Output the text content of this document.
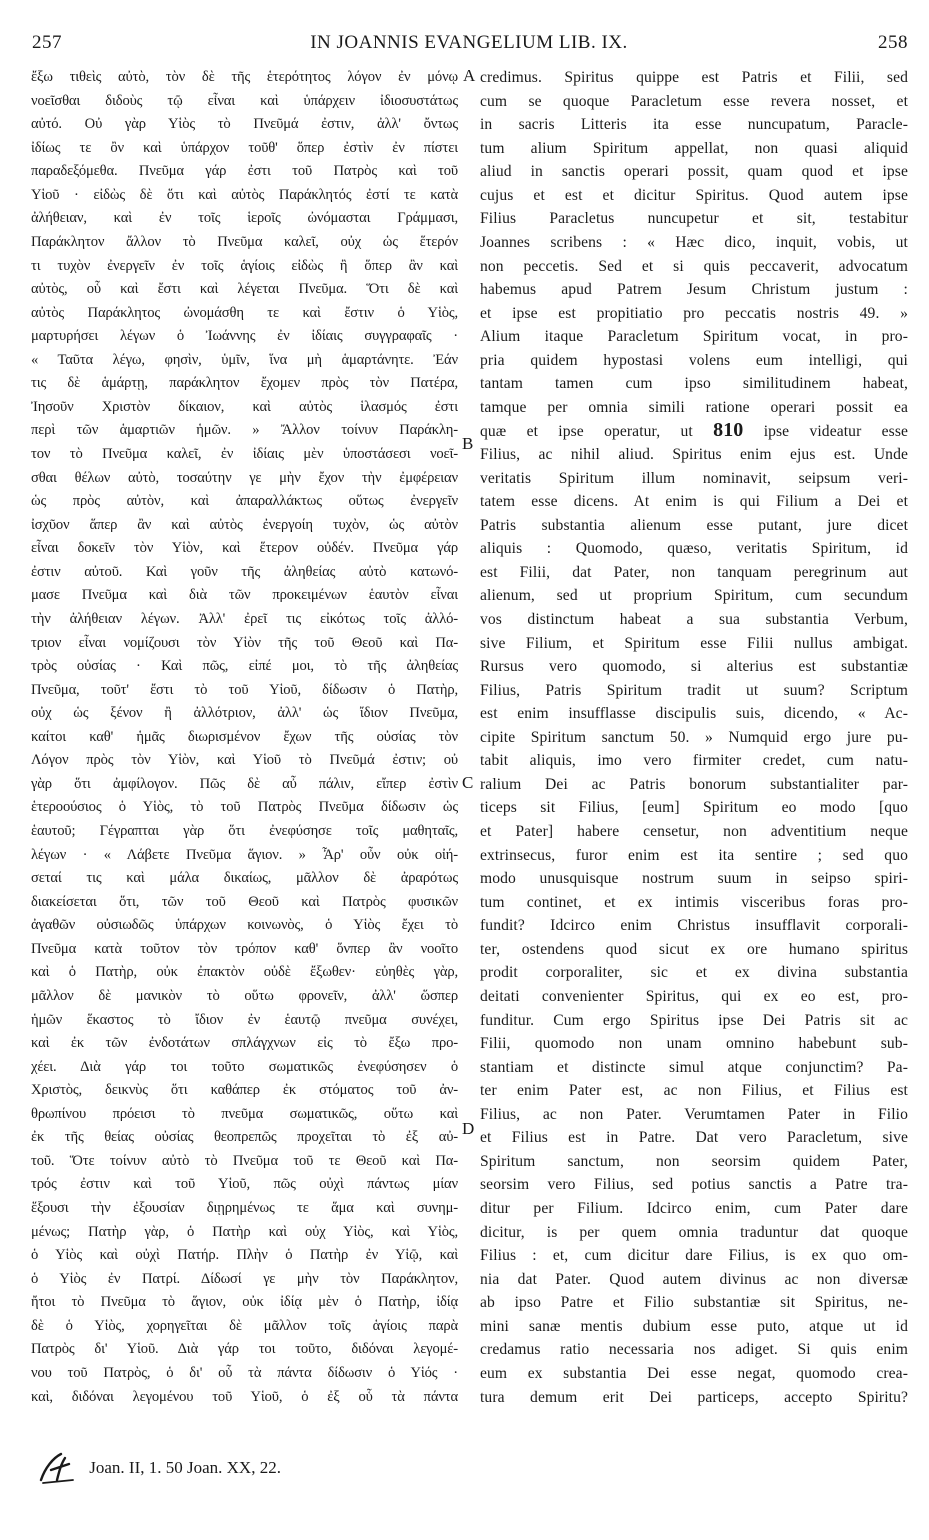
257	IN JOANNIS EVANGELIUM LIB. IX.	258
ἔξω τιθεὶς αὐτὸ, τὸν δὲ τῆς ἑτερότητος λόγον ἐν μόνῳ
νοεῖσθαι διδοὺς τῷ εἶναι καὶ ὑπάρχειν ἰδιοσυστάτως
αὐτό. Οὐ γὰρ Υἱὸς τὸ Πνεῦμά ἐστιν, ἀλλ' ὄντως
ἰδίως τε ὂν καὶ ὑπάρχον τοῦθ' ὅπερ ἐστὶν ἐν πίστει
παραδεξόμεθα. Πνεῦμα γάρ ἐστι τοῦ Πατρὸς καὶ τοῦ
Υἱοῦ · εἰδὼς δὲ ὅτι καὶ αὐτὸς Παράκλητός ἐστί τε κατὰ
ἀλήθειαν, καὶ ἐν τοῖς ἱεροῖς ὠνόμασται Γράμμασι,
Παράκλητον ἄλλον τὸ Πνεῦμα καλεῖ, οὐχ ὡς ἕτερόν
τι τυχὸν ἐνεργεῖν ἐν τοῖς ἁγίοις εἰδὼς ἢ ὅπερ ἂν καὶ
αὐτὸς, οὗ καὶ ἔστι καὶ λέγεται Πνεῦμα. Ὅτι δὲ καὶ
αὐτὸς Παράκλητος ὠνομάσθη τε καὶ ἔστιν ὁ Υἱὸς,
μαρτυρήσει λέγων ὁ Ἰωάννης ἐν ἰδίαις συγγραφαῖς ·
« Ταῦτα λέγω, φησὶν, ὑμῖν, ἵνα μὴ ἁμαρτάνητε. Ἐάν
τις δὲ ἁμάρτῃ, παράκλητον ἔχομεν πρὸς τὸν Πατέρα,
Ἰησοῦν Χριστὸν δίκαιον, καὶ αὐτὸς ἱλασμός ἐστι
περὶ τῶν ἁμαρτιῶν ἡμῶν. » Ἄλλον τοίνυν Παράκλη-
τον τὸ Πνεῦμα καλεῖ, ἐν ἰδίαις μὲν ὑποστάσεσι νοεῖ-
σθαι θέλων αὐτὸ, τοσαύτην γε μὴν ἔχον τὴν ἐμφέρειαν
ὡς πρὸς αὐτὸν, καὶ ἀπαραλλάκτως οὕτως ἐνεργεῖν
ἰσχῦον ἅπερ ἂν καὶ αὐτὸς ἐνεργοίη τυχὸν, ὡς αὐτὸν
εἶναι δοκεῖν τὸν Υἱὸν, καὶ ἕτερον οὐδέν. Πνεῦμα γάρ
ἐστιν αὐτοῦ. Καὶ γοῦν τῆς ἀληθείας αὐτὸ κατωνό-
μασε Πνεῦμα καὶ διὰ τῶν προκειμένων ἑαυτὸν εἶναι
τὴν ἀλήθειαν λέγων. Ἀλλ' ἐρεῖ τις εἰκότως τοῖς ἀλλό-
τριον εἶναι νομίζουσι τὸν Υἱὸν τῆς τοῦ Θεοῦ καὶ Πα-
τρὸς οὐσίας · Καὶ πῶς, εἰπέ μοι, τὸ τῆς ἀληθείας
Πνεῦμα, τοῦτ' ἔστι τὸ τοῦ Υἱοῦ, δίδωσιν ὁ Πατὴρ,
οὐχ ὡς ξένον ἢ ἀλλότριον, ἀλλ' ὡς ἴδιον Πνεῦμα,
καίτοι καθ' ἡμᾶς διωρισμένον ἔχων τῆς οὐσίας τὸν
Λόγον πρὸς τὸν Υἱὸν, καὶ Υἱοῦ τὸ Πνεῦμά ἐστιν; οὐ
γὰρ ὅτι ἀμφίλογον. Πῶς δὲ αὖ πάλιν, εἴπερ ἐστὶν
ἑτεροούσιος ὁ Υἱὸς, τὸ τοῦ Πατρὸς Πνεῦμα δίδωσιν ὡς
ἑαυτοῦ; Γέγραπται γὰρ ὅτι ἐνεφύσησε τοῖς μαθηταῖς,
λέγων · « Λάβετε Πνεῦμα ἅγιον. » Ἆρ' οὖν οὐκ οἰή-
σεταί τις καὶ μάλα δικαίως, μᾶλλον δὲ ἀραρότως
διακείσεται ὅτι, τῶν τοῦ Θεοῦ καὶ Πατρὸς φυσικῶν
ἀγαθῶν οὐσιωδῶς ὑπάρχων κοινωνὸς, ὁ Υἱὸς ἔχει τὸ
Πνεῦμα κατὰ τοῦτον τὸν τρόπον καθ' ὅνπερ ἂν νοοῖτο
καὶ ὁ Πατὴρ, οὐκ ἐπακτὸν οὐδὲ ἔξωθεν· εὐηθὲς γὰρ,
μᾶλλον δὲ μανικὸν τὸ οὕτω φρονεῖν, ἀλλ' ὥσπερ
ἡμῶν ἕκαστος τὸ ἴδιον ἐν ἑαυτῷ πνεῦμα συνέχει,
καὶ ἐκ τῶν ἐνδοτάτων σπλάγχνων εἰς τὸ ἔξω προ-
χέει. Διὰ γάρ τοι τοῦτο σωματικῶς ἐνεφύσησεν ὁ
Χριστὸς, δεικνὺς ὅτι καθάπερ ἐκ στόματος τοῦ ἀν-
θρωπίνου πρόεισι τὸ πνεῦμα σωματικῶς, οὕτω καὶ
ἐκ τῆς θείας οὐσίας θεοπρεπῶς προχεῖται τὸ ἐξ αὐ-
τοῦ. Ὅτε τοίνυν αὐτὸ τὸ Πνεῦμα τοῦ τε Θεοῦ καὶ Πα-
τρός ἐστιν καὶ τοῦ Υἱοῦ, πῶς οὐχὶ πάντως μίαν
ἕξουσι τὴν ἐξουσίαν διῃρημένως τε ἅμα καὶ συνημ-
μένως; Πατὴρ γὰρ, ὁ Πατὴρ καὶ οὐχ Υἱὸς, καὶ Υἱὸς,
ὁ Υἱὸς καὶ οὐχὶ Πατήρ. Πλὴν ὁ Πατὴρ ἐν Υἱῷ, καὶ
ὁ Υἱὸς ἐν Πατρί. Δίδωσί γε μὴν τὸν Παράκλητον,
ἤτοι τὸ Πνεῦμα τὸ ἅγιον, οὐκ ἰδίᾳ μὲν ὁ Πατὴρ, ἰδίᾳ
δὲ ὁ Υἱὸς, χορηγεῖται δὲ μᾶλλον τοῖς ἁγίοις παρὰ
Πατρὸς δι' Υἱοῦ. Διὰ γάρ τοι τοῦτο, διδόναι λεγομέ-
νου τοῦ Πατρὸς, ὁ δι' οὗ τὰ πάντα δίδωσιν ὁ Υἱός ·
καὶ, διδόναι λεγομένου τοῦ Υἱοῦ, ὁ ἐξ οὗ τὰ πάντα
credimus. Spiritus quippe est Patris et Filii, sed
cum se quoque Paracletum esse revera nosset, et
in sacris Litteris ita esse nuncupatum, Paracle-
tum alium Spiritum appellat, non quasi aliquid
aliud in sanctis operari possit, quam quod et ipse
cujus et est et dicitur Spiritus. Quod autem ipse
Filius Paracletus nuncupetur et sit, testabitur
Joannes scribens : « Hæc dico, inquit, vobis, ut
non peccetis. Sed et si quis peccaverit, advocatum
habemus apud Patrem Jesum Christum justum :
et ipse est propitiatio pro peccatis nostris 49. »
Alium itaque Paracletum Spiritum vocat, in pro-
pria quidem hypostasi volens eum intelligi, qui
tantam tamen cum ipso similitudinem habeat,
tamque per omnia simili ratione operari possit ea
quæ et ipse operatur, ut 810 ipse videatur esse
Filius, ac nihil aliud. Spiritus enim ejus est. Unde
veritatis Spiritum illum nominavit, seipsum veri-
tatem esse dicens. At enim is qui Filium a Dei et
Patris substantia alienum esse putant, jure dicet
aliquis : Quomodo, quæso, veritatis Spiritum, id
est Filii, dat Pater, non tanquam peregrinum aut
alienum, sed ut proprium Spiritum, cum secundum
vos distinctum habeat a sua substantia Verbum,
sive Filium, et Spiritum esse Filii nullus ambigat.
Rursus vero quomodo, si alterius est substantiæ
Filius, Patris Spiritum tradit ut suum? Scriptum
est enim insufflasse discipulis suis, dicendo, « Ac-
cipite Spiritum sanctum 50. » Numquid ergo jure pu-
tabit aliquis, imo vero firmiter credet, cum natu-
ralium Dei ac Patris bonorum substantialiter par-
ticeps sit Filius, [eum] Spiritum eo modo [quo
et Pater] habere censetur, non adventitium neque
extrinsecus, furor enim est ita sentire ; sed quo
modo unusquisque nostrum suum in seipso spiri-
tum continet, et ex intimis visceribus foras pro-
fundit? Idcirco enim Christus insufflavit corporali-
ter, ostendens quod sicut ex ore humano spiritus
prodit corporaliter, sic et ex divina substantia
deitati convenienter Spiritus, qui ex eo est, pro-
funditur. Cum ergo Spiritus ipse Dei Patris sit ac
Filii, quomodo non unam omnino habebunt sub-
stantiam et distincte simul atque conjunctim? Pa-
ter enim Pater est, ac non Filius, et Filius est
Filius, ac non Pater. Verumtamen Pater in Filio
et Filius est in Patre. Dat vero Paracletum, sive
Spiritum sanctum, non seorsim quidem Pater,
seorsim vero Filius, sed potius sanctis a Patre tra-
ditur per Filium. Idcirco enim, cum Pater dare
dicitur, is per quem omnia traduntur dat quoque
Filius : et, cum dicitur dare Filius, is ex quo om-
nia dat Pater. Quod autem divinus ac non diversæ
ab ipso Patre et Filio substantiæ sit Spiritus, ne-
mini sanæ mentis dubium esse puto, atque ut id
credamus ratio necessaria nos adiget. Si quis enim
eum ex substantia Dei esse negat, quomodo crea-
tura demum erit Dei particeps, accepto Spiritu?
A
B
C
D
Joan. II, 1. 50 Joan. XX, 22.
